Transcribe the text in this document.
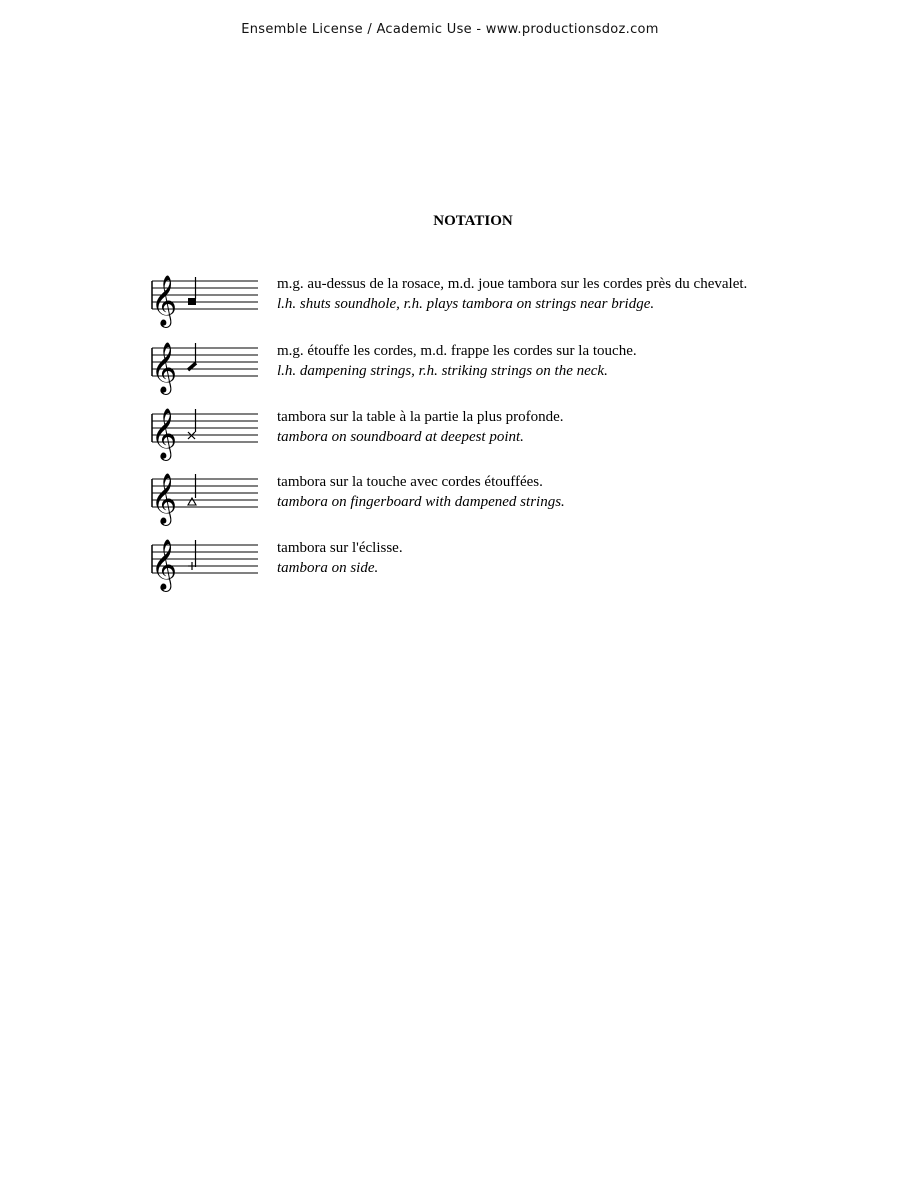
Ensemble License / Academic Use - www.productionsdoz.com
NOTATION
𝄞	m.g. au-dessus de la rosace, m.d. joue tambora sur les cordes près du chevalet.
l.h. shuts soundhole, r.h. plays tambora on strings near bridge.
𝄞	m.g. étouffe les cordes, m.d. frappe les cordes sur la touche.
l.h. dampening strings, r.h. striking strings on the neck.
𝄞	tambora sur la table à la partie la plus profonde.
tambora on soundboard at deepest point.
𝄞	tambora sur la touche avec cordes étouffées.
tambora on fingerboard with dampened strings.
𝄞	tambora sur l'éclisse.
tambora on side.
